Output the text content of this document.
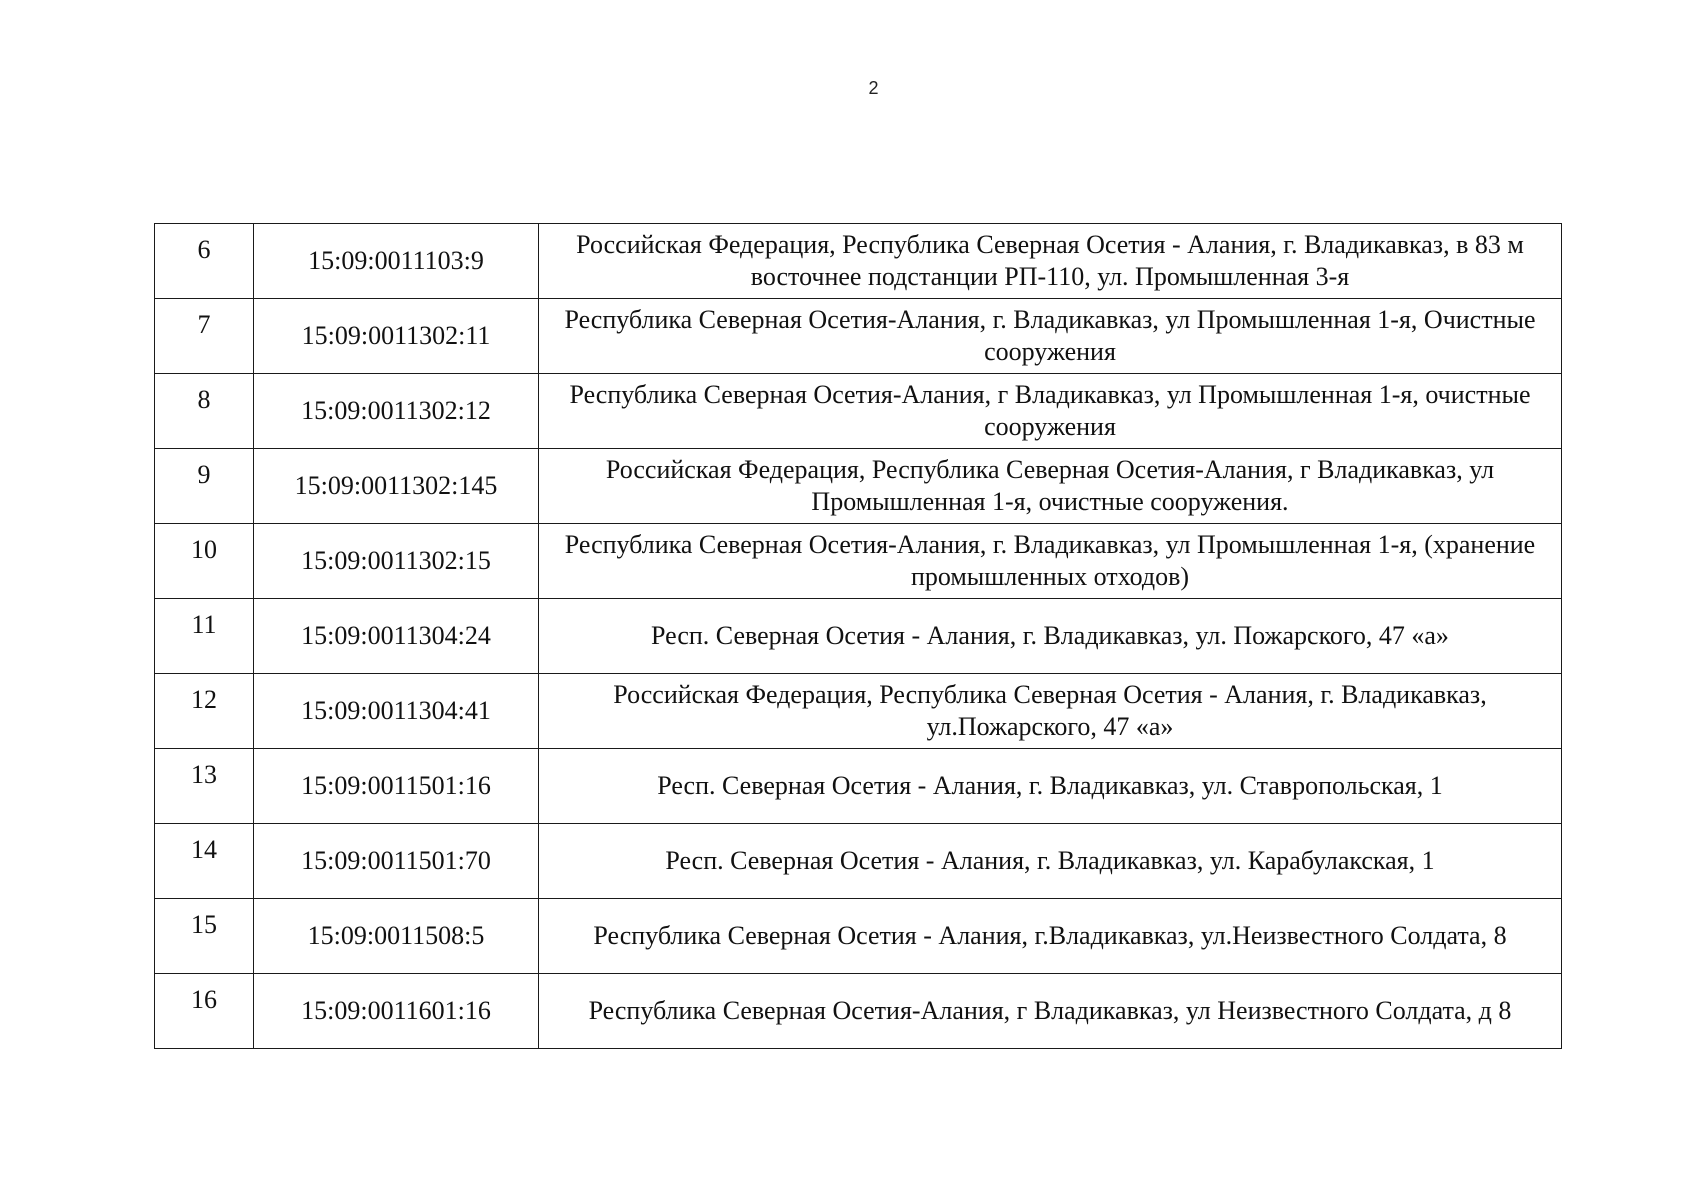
2
6	15:09:0011103:9	Российская Федерация, Республика Северная Осетия - Алания, г. Владикавказ, в 83 м восточнее подстанции РП-110, ул. Промышленная 3-я
7	15:09:0011302:11	Республика Северная Осетия-Алания, г. Владикавказ, ул Промышленная 1-я, Очистные сооружения
8	15:09:0011302:12	Республика Северная Осетия-Алания, г Владикавказ, ул Промышленная 1-я, очистные сооружения
9	15:09:0011302:145	Российская Федерация, Республика Северная Осетия-Алания, г Владикавказ, ул Промышленная 1-я, очистные сооружения.
10	15:09:0011302:15	Республика Северная Осетия-Алания, г. Владикавказ, ул Промышленная 1-я, (хранение промышленных отходов)
11	15:09:0011304:24	Респ. Северная Осетия - Алания, г. Владикавказ, ул. Пожарского, 47 «а»
12	15:09:0011304:41	Российская Федерация, Республика Северная Осетия - Алания, г. Владикавказ, ул.Пожарского, 47 «а»
13	15:09:0011501:16	Респ. Северная Осетия - Алания, г. Владикавказ, ул. Ставропольская, 1
14	15:09:0011501:70	Респ. Северная Осетия - Алания, г. Владикавказ, ул. Карабулакская, 1
15	15:09:0011508:5	Республика Северная Осетия - Алания, г.Владикавказ, ул.Неизвестного Солдата, 8
16	15:09:0011601:16	Республика Северная Осетия-Алания, г Владикавказ, ул Неизвестного Солдата, д 8
